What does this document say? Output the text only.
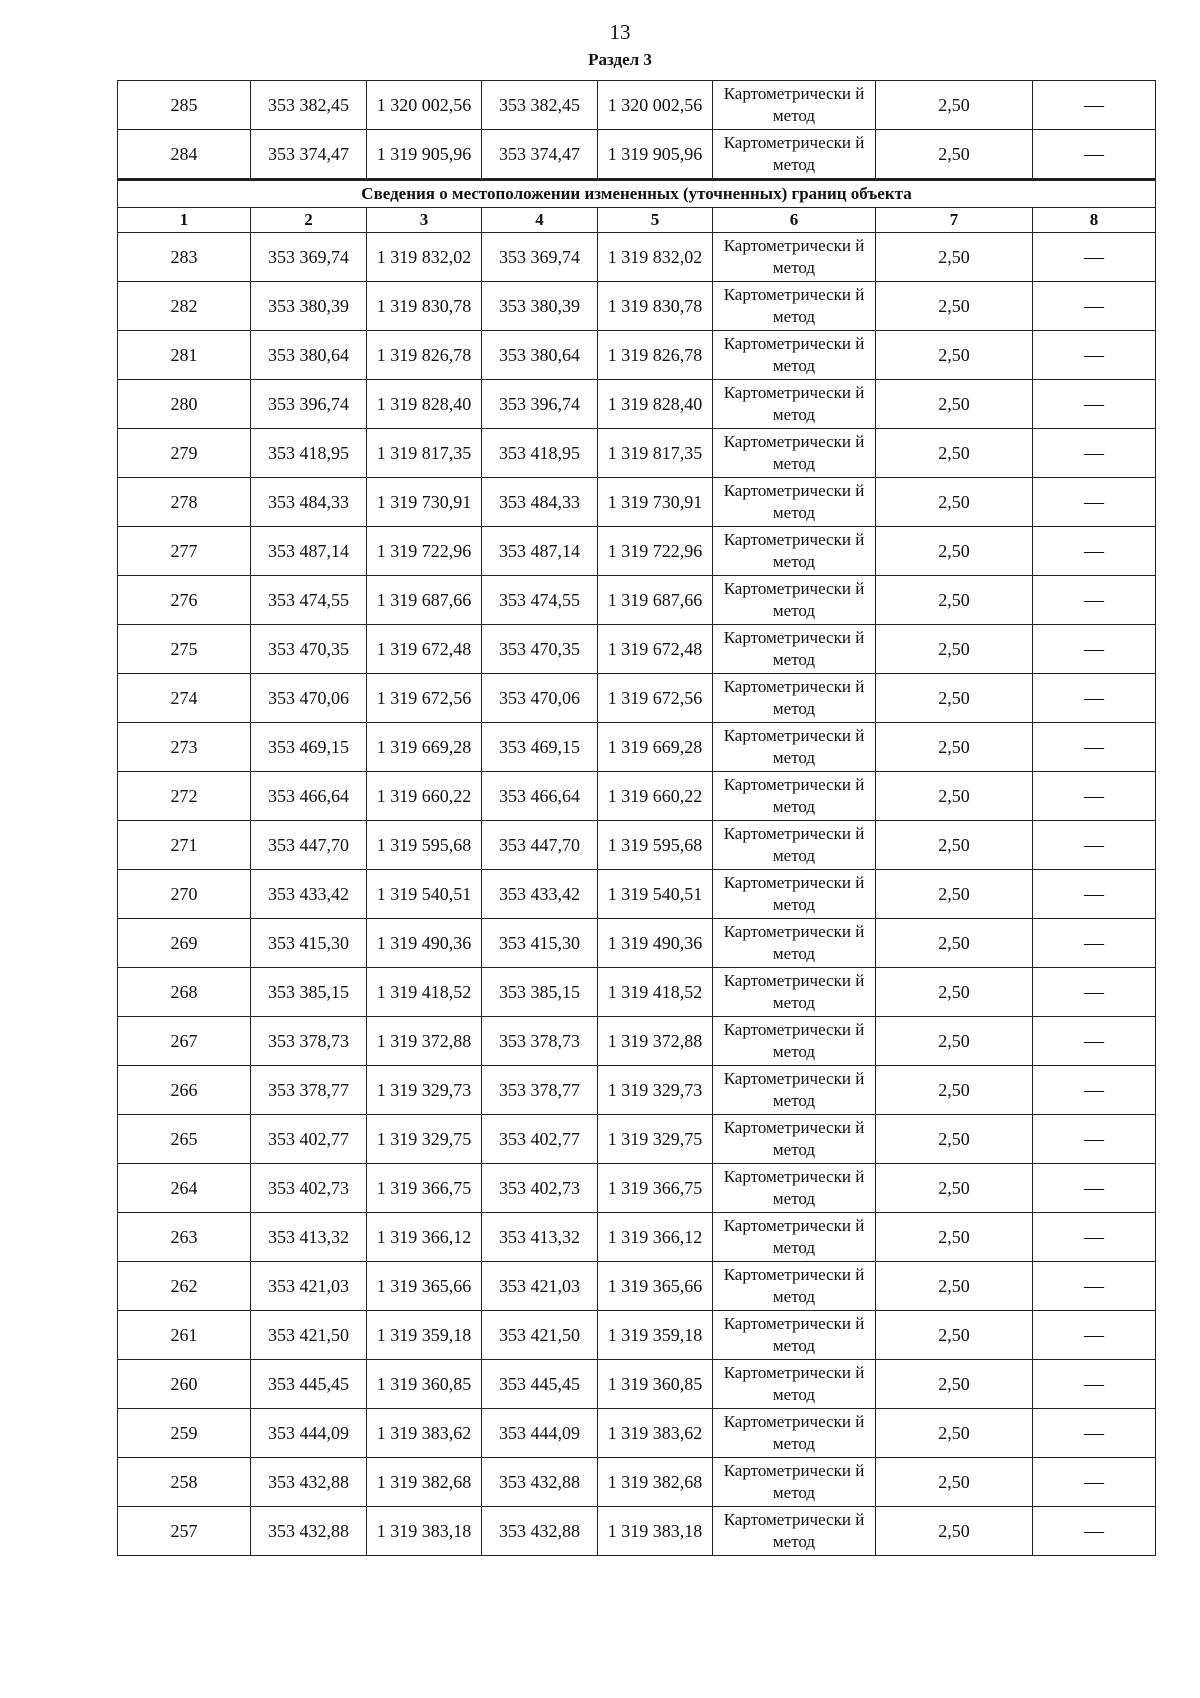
13
Раздел 3
285	353 382,45	1 320 002,56	353 382,45	1 320 002,56	Картометрически й метод	2,50	—
284	353 374,47	1 319 905,96	353 374,47	1 319 905,96	Картометрически й метод	2,50	—
Сведения о местоположении измененных (уточненных) границ объекта							
1	2	3	4	5	6	7	8
283	353 369,74	1 319 832,02	353 369,74	1 319 832,02	Картометрически й метод	2,50	—
282	353 380,39	1 319 830,78	353 380,39	1 319 830,78	Картометрически й метод	2,50	—
281	353 380,64	1 319 826,78	353 380,64	1 319 826,78	Картометрически й метод	2,50	—
280	353 396,74	1 319 828,40	353 396,74	1 319 828,40	Картометрически й метод	2,50	—
279	353 418,95	1 319 817,35	353 418,95	1 319 817,35	Картометрически й метод	2,50	—
278	353 484,33	1 319 730,91	353 484,33	1 319 730,91	Картометрически й метод	2,50	—
277	353 487,14	1 319 722,96	353 487,14	1 319 722,96	Картометрически й метод	2,50	—
276	353 474,55	1 319 687,66	353 474,55	1 319 687,66	Картометрически й метод	2,50	—
275	353 470,35	1 319 672,48	353 470,35	1 319 672,48	Картометрически й метод	2,50	—
274	353 470,06	1 319 672,56	353 470,06	1 319 672,56	Картометрически й метод	2,50	—
273	353 469,15	1 319 669,28	353 469,15	1 319 669,28	Картометрически й метод	2,50	—
272	353 466,64	1 319 660,22	353 466,64	1 319 660,22	Картометрически й метод	2,50	—
271	353 447,70	1 319 595,68	353 447,70	1 319 595,68	Картометрически й метод	2,50	—
270	353 433,42	1 319 540,51	353 433,42	1 319 540,51	Картометрически й метод	2,50	—
269	353 415,30	1 319 490,36	353 415,30	1 319 490,36	Картометрически й метод	2,50	—
268	353 385,15	1 319 418,52	353 385,15	1 319 418,52	Картометрически й метод	2,50	—
267	353 378,73	1 319 372,88	353 378,73	1 319 372,88	Картометрически й метод	2,50	—
266	353 378,77	1 319 329,73	353 378,77	1 319 329,73	Картометрически й метод	2,50	—
265	353 402,77	1 319 329,75	353 402,77	1 319 329,75	Картометрически й метод	2,50	—
264	353 402,73	1 319 366,75	353 402,73	1 319 366,75	Картометрически й метод	2,50	—
263	353 413,32	1 319 366,12	353 413,32	1 319 366,12	Картометрически й метод	2,50	—
262	353 421,03	1 319 365,66	353 421,03	1 319 365,66	Картометрически й метод	2,50	—
261	353 421,50	1 319 359,18	353 421,50	1 319 359,18	Картометрически й метод	2,50	—
260	353 445,45	1 319 360,85	353 445,45	1 319 360,85	Картометрически й метод	2,50	—
259	353 444,09	1 319 383,62	353 444,09	1 319 383,62	Картометрически й метод	2,50	—
258	353 432,88	1 319 382,68	353 432,88	1 319 382,68	Картометрически й метод	2,50	—
257	353 432,88	1 319 383,18	353 432,88	1 319 383,18	Картометрически й метод	2,50	—
